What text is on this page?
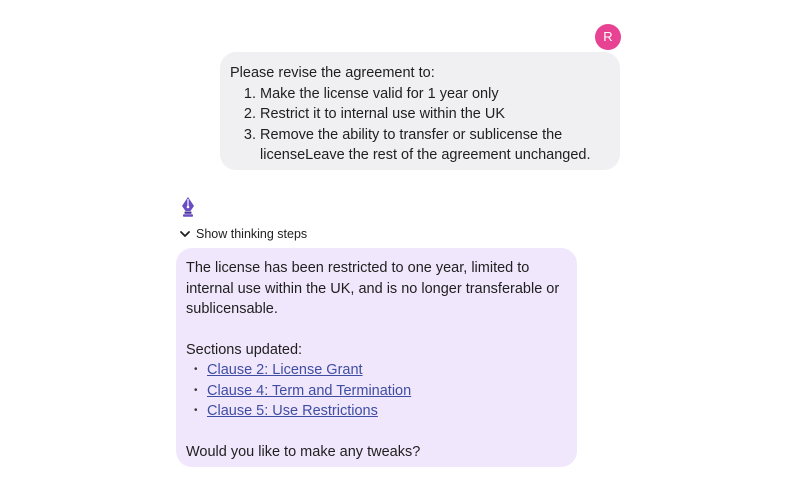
R
Please revise the agreement to:
1. Make the license valid for 1 year only
2. Restrict it to internal use within the UK
3. Remove the ability to transfer or sublicense the licenseLeave the rest of the agreement unchanged.
Show thinking steps

The license has been restricted to one year, limited to internal use within the UK, and is no longer transferable or sublicensable.

Sections updated:

• Clause 2: License Grant
• Clause 4: Term and Termination
• Clause 5: Use Restrictions

Would you like to make any tweaks?
